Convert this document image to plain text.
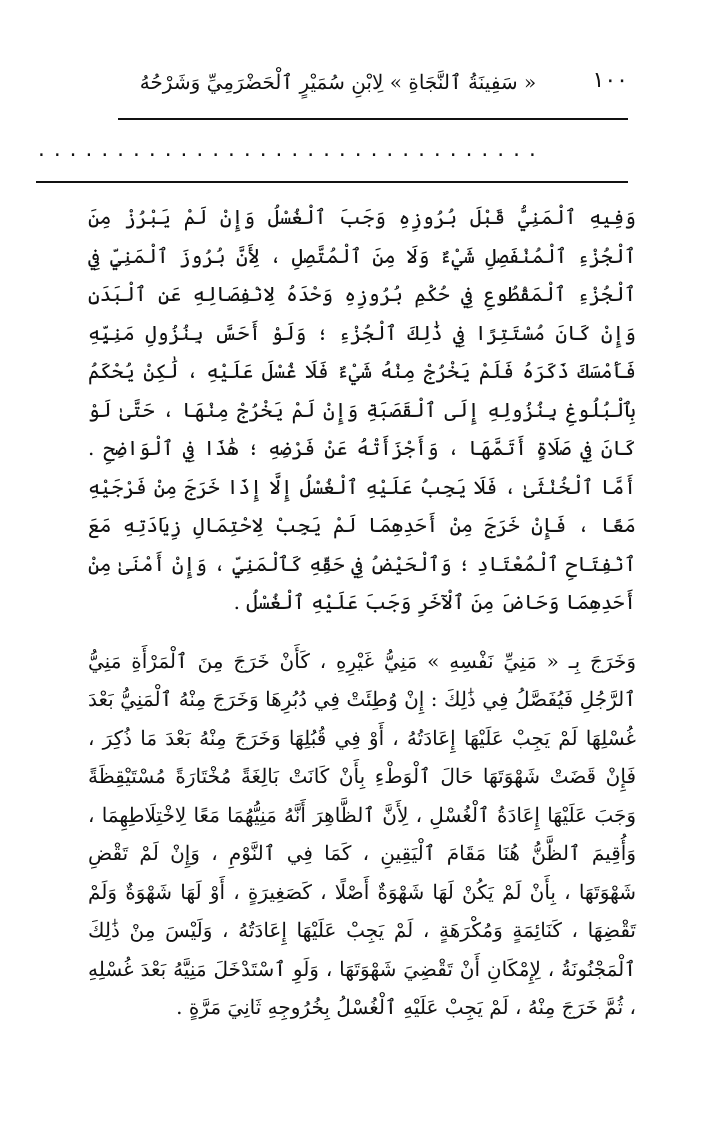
١٠٠
« سَفِينَةُ ٱلنَّجَاةِ » لِابْنِ سُمَيْرٍ ٱلْحَضْرَمِيِّ وَشَرْحُهُ
................................

وَفِيهِ ٱلْمَنِيُّ قَبْلَ بُرُوزِهِ وَجَبَ ٱلْغُسْلُ وَإِنْ لَمْ يَبْرُزْ مِنَ ٱلْجُزْءِ ٱلْمُنْفَصِلِ شَيْءٌ وَلَا مِنَ ٱلْمُتَّصِلِ ، لِأَنَّ بُرُوزَ ٱلْمَنِيِّ فِي ٱلْجُزْءِ ٱلْمَقْطُوعِ فِي حُكْمِ بُرُوزِهِ وَحْدَهُ لِانْفِصَالِهِ عَنِ ٱلْبَدَنِ وَإِنْ كَانَ مُسْتَتِرًا فِي ذَٰلِكَ ٱلْجُزْءِ ؛ وَلَوْ أَحَسَّ بِنُزُولِ مَنِيِّهِ فَأَمْسَكَ ذَكَرَهُ فَلَمْ يَخْرُجْ مِنْهُ شَيْءٌ فَلَا غُسْلَ عَلَيْهِ ، لَٰكِنْ يُحْكَمُ بِٱلْبُلُوغِ بِنُزُولِهِ إِلَى ٱلْقَصَبَةِ وَإِنْ لَمْ يَخْرُجْ مِنْهَا ، حَتَّىٰ لَوْ كَانَ فِي صَلَاةٍ أَتَمَّهَا ، وَأَجْزَأَتْهُ عَنْ فَرْضِهِ ؛ هَٰذَا فِي ٱلْوَاضِحِ . أَمَّا ٱلْخُنْثَىٰ ، فَلَا يَجِبُ عَلَيْهِ ٱلْغُسْلُ إِلَّا إِذَا خَرَجَ مِنْ فَرْجَيْهِ مَعًا ، فَإِنْ خَرَجَ مِنْ أَحَدِهِمَا لَمْ يَجِبْ لِاحْتِمَالِ زِيَادَتِهِ مَعَ ٱنْفِتَاحِ ٱلْمُعْتَادِ ؛ وَٱلْحَيْضُ فِي حَقِّهِ كَٱلْمَنِيِّ ، وَإِنْ أَمْنَىٰ مِنْ أَحَدِهِمَا وَحَاضَ مِنَ ٱلْآخَرِ وَجَبَ عَلَيْهِ ٱلْغُسْلُ .

وَخَرَجَ بِـ « مَنِيِّ نَفْسِهِ » مَنِيُّ غَيْرِهِ ، كَأَنْ خَرَجَ مِنَ ٱلْمَرْأَةِ مَنِيُّ ٱلرَّجُلِ فَيُفَصَّلُ فِي ذَٰلِكَ : إِنْ وُطِئَتْ فِي دُبُرِهَا وَخَرَجَ مِنْهُ ٱلْمَنِيُّ بَعْدَ غُسْلِهَا لَمْ يَجِبْ عَلَيْهَا إِعَادَتُهُ ، أَوْ فِي قُبُلِهَا وَخَرَجَ مِنْهُ بَعْدَ مَا ذُكِرَ ، فَإِنْ قَضَتْ شَهْوَتَهَا حَالَ ٱلْوَطْءِ بِأَنْ كَانَتْ بَالِغَةً مُخْتَارَةً مُسْتَيْقِظَةً وَجَبَ عَلَيْهَا إِعَادَةُ ٱلْغُسْلِ ، لِأَنَّ ٱلظَّاهِرَ أَنَّهُ مَنِيُّهُمَا مَعًا لِاخْتِلَاطِهِمَا ، وَأُقِيمَ ٱلظَّنُّ هُنَا مَقَامَ ٱلْيَقِينِ ، كَمَا فِي ٱلنَّوْمِ ، وَإِنْ لَمْ تَقْضِ شَهْوَتَهَا ، بِأَنْ لَمْ يَكُنْ لَهَا شَهْوَةٌ أَصْلًا ، كَصَغِيرَةٍ ، أَوْ لَهَا شَهْوَةٌ وَلَمْ تَقْضِهَا ، كَنَائِمَةٍ وَمُكْرَهَةٍ ، لَمْ يَجِبْ عَلَيْهَا إِعَادَتُهُ ، وَلَيْسَ مِنْ ذَٰلِكَ ٱلْمَجْنُونَةُ ، لِإِمْكَانِ أَنْ تَقْضِيَ شَهْوَتَهَا ، وَلَوِ ٱسْتَدْخَلَ مَنِيَّهُ بَعْدَ غُسْلِهِ ، ثُمَّ خَرَجَ مِنْهُ ، لَمْ يَجِبْ عَلَيْهِ ٱلْغُسْلُ بِخُرُوجِهِ ثَانِيَ مَرَّةٍ .
